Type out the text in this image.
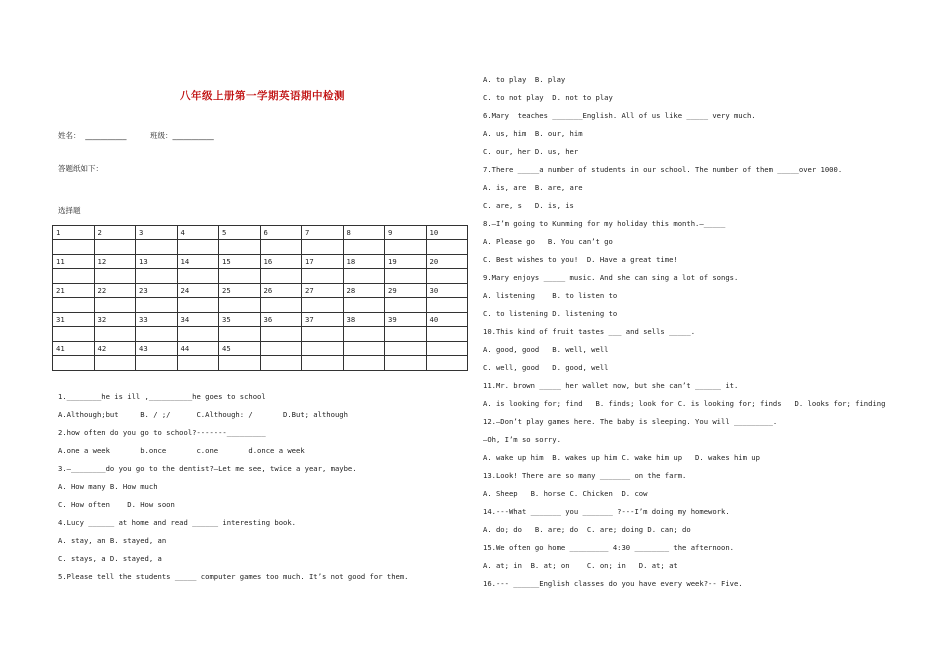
八年级上册第一学期英语期中检测
姓名：  ___________	班级：___________
答题纸如下：
选择题
1	2	3	4	5	6	7	8	9	10

11	12	13	14	15	16	17	18	19	20

21	22	23	24	25	26	27	28	29	30

31	32	33	34	35	36	37	38	39	40

41	42	43	44	45					

1.________he is ill ,__________he goes to school
A.Although;but     B. / ;/      C.Although: /       D.But; although
2.how often do you go to school?-------_________
A.one a week       b.once       c.one       d.once a week
3.—________do you go to the dentist?—Let me see, twice a year, maybe.
A. How many B. How much
C. How often    D. How soon
4.Lucy ______ at home and read ______ interesting book.
A. stay, an B. stayed, an
C. stays, a D. stayed, a
5.Please tell the students _____ computer games too much. It’s not good for them.
A. to play  B. play
C. to not play  D. not to play
6.Mary  teaches _______English. All of us like _____ very much.
A. us, him  B. our, him
C. our, her D. us, her
7.There _____a number of students in our school. The number of them _____over 1000.
A. is, are  B. are, are
C. are, s   D. is, is
8.—I’m going to Kunming for my holiday this month.—_____
A. Please go   B. You can’t go
C. Best wishes to you!  D. Have a great time!
9.Mary enjoys _____ music. And she can sing a lot of songs.
A. listening    B. to listen to
C. to listening D. listening to
10.This kind of fruit tastes ___ and sells _____.
A. good, good   B. well, well
C. well, good   D. good, well
11.Mr. brown _____ her wallet now, but she can’t ______ it.
A. is looking for; find   B. finds; look for C. is looking for; finds   D. looks for; finding
12.—Don’t play games here. The baby is sleeping. You will _________.
—Oh, I’m so sorry.
A. wake up him  B. wakes up him C. wake him up   D. wakes him up
13.Look! There are so many _______ on the farm.
A. Sheep   B. horse C. Chicken  D. cow
14.---What _______ you _______ ?---I’m doing my homework.
A. do; do   B. are; do  C. are; doing D. can; do
15.We often go home _________ 4:30 ________ the afternoon.
A. at; in  B. at; on    C. on; in   D. at; at
16.--- ______English classes do you have every week?-- Five.
